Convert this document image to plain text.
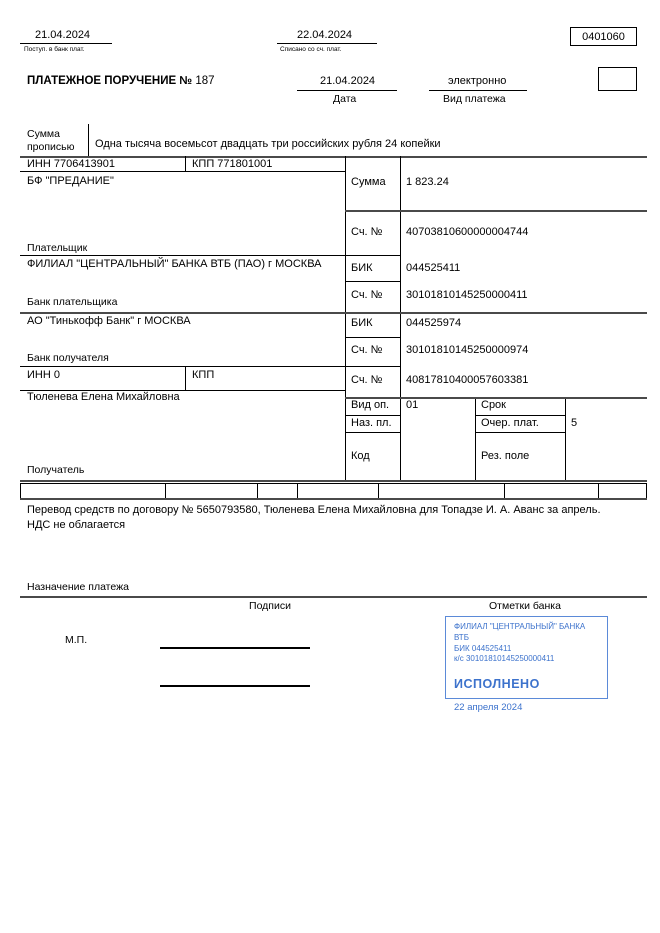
21.04.2024
Поступ. в банк плат.
22.04.2024
Списано со сч. плат.
0401060
ПЛАТЕЖНОЕ ПОРУЧЕНИЕ № 187	21.04.2024
Дата
электронно
Вид платежа
Сумма
прописью Одна тысяча восемьсот двадцать три российских рубля 24 копейки
ИНН 7706413901	КПП 771801001
БФ "ПРЕДАНИЕ"
Плательщик
ФИЛИАЛ "ЦЕНТРАЛЬНЫЙ" БАНКА ВТБ (ПАО) г МОСКВА
Банк плательщика
АО "Тинькофф Банк" г МОСКВА
Банк получателя
ИНН 0	КПП
Тюленева Елена Михайловна
Получатель
Сумма 1 823.24
Сч. № 40703810600000004744
БИК	044525411
Сч. № 30101810145250000411
БИК	044525974
Сч. № 30101810145250000974
Сч. № 40817810400057603381
Вид оп. 01	Срок
Наз. пл.	Очер. плат.	5
Код	Рез. поле
Перевод средств по договору № 5650793580, Тюленева Елена Михайловна для Топадзе И. А. Аванс за апрель.
НДС не облагается
Назначение платежа
Подписи	Отметки банка
М.П.
ФИЛИАЛ "ЦЕНТРАЛЬНЫЙ" БАНКА ВТБ
БИК 044525411
к/с 30101810145250000411
ИСПОЛНЕНО
22 апреля 2024
